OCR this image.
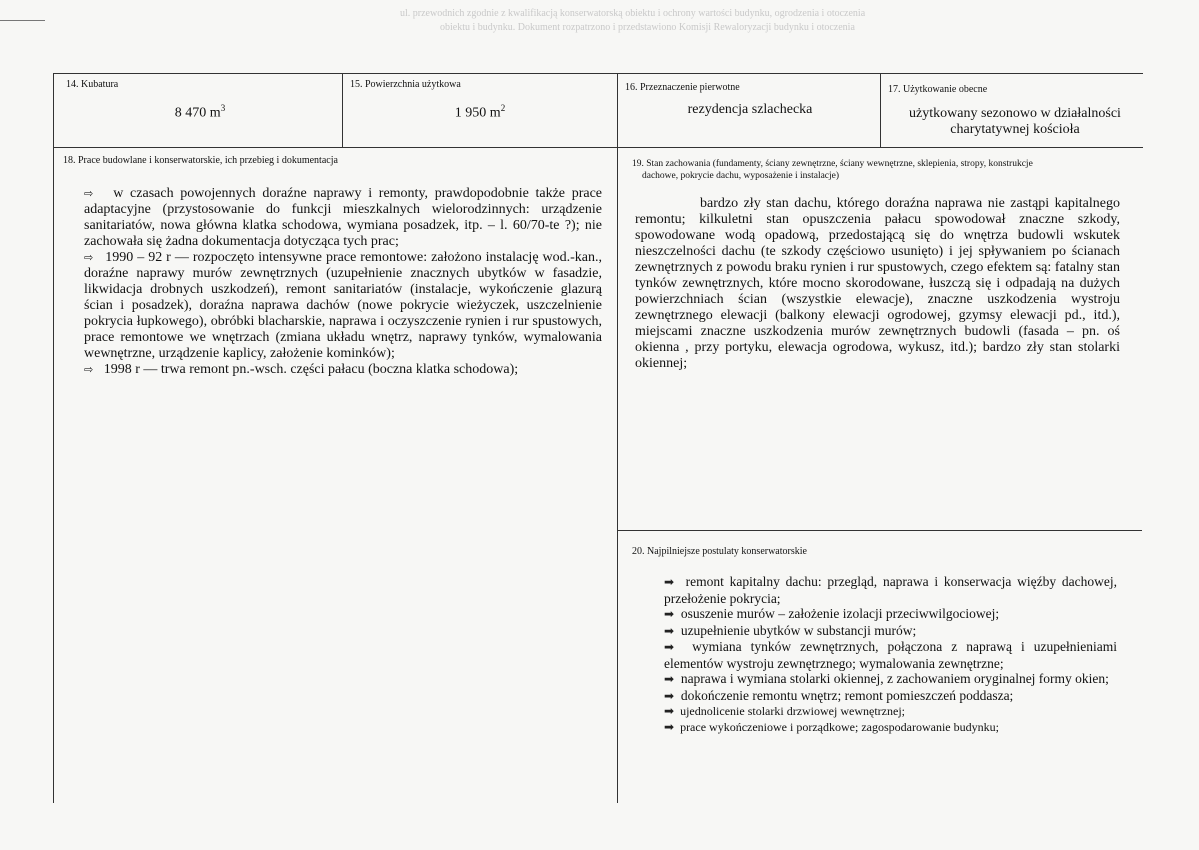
ul. przewodnich zgodnie z kwalifikacją konserwatorską obiektu i ochrony wartości budynku, ogrodzenia i otoczenia
obiektu i budynku. Dokument rozpatrzono i przedstawiono Komisji Rewaloryzacji budynku i otoczenia
14. Kubatura
8 470 $m^3$
15. Powierzchnia użytkowa
1 950 $m^2$
16. Przeznaczenie pierwotne
rezydencja szlachecka
17. Użytkowanie obecne
użytkowany sezonowo w działalności
charytatywnej kościoła
18. Prace budowlane i konserwatorskie, ich przebieg i dokumentacja
⇨ w czasach powojennych doraźne naprawy i remonty, prawdopodobnie także prace adaptacyjne (przystosowanie do funkcji mieszkalnych wielorodzinnych: urządzenie sanitariatów, nowa główna klatka schodowa, wymiana posadzek, itp. – l. 60/70-te ?); nie zachowała się żadna dokumentacja dotycząca tych prac;
⇨ 1990 – 92 r — rozpoczęto intensywne prace remontowe: założono instalację wod.-kan., doraźne naprawy murów zewnętrznych (uzupełnienie znacznych ubytków w fasadzie, likwidacja drobnych uszkodzeń), remont sanitariatów (instalacje, wykończenie glazurą ścian i posadzek), doraźna naprawa dachów (nowe pokrycie wieżyczek, uszczelnienie pokrycia łupkowego), obróbki blacharskie, naprawa i oczyszczenie rynien i rur spustowych, prace remontowe we wnętrzach (zmiana układu wnętrz, naprawy tynków, wymalowania wewnętrzne, urządzenie kaplicy, założenie kominków);
⇨ 1998 r — trwa remont pn.-wsch. części pałacu (boczna klatka schodowa);
19. Stan zachowania (fundamenty, ściany zewnętrzne, ściany wewnętrzne, sklepienia, stropy, konstrukcje
dachowe, pokrycie dachu, wyposażenie i instalacje)
bardzo zły stan dachu, którego doraźna naprawa nie zastąpi kapitalnego remontu; kilkuletni stan opuszczenia pałacu spowodował znaczne szkody, spowodowane wodą opadową, przedostającą się do wnętrza budowli wskutek nieszczelności dachu (te szkody częściowo usunięto) i jej spływaniem po ścianach zewnętrznych z powodu braku rynien i rur spustowych, czego efektem są: fatalny stan tynków zewnętrznych, które mocno skorodowane, łuszczą się i odpadają na dużych powierzchniach ścian (wszystkie elewacje), znaczne uszkodzenia wystroju zewnętrznego elewacji (balkony elewacji ogrodowej, gzymsy elewacji pd., itd.), miejscami znaczne uszkodzenia murów zewnętrznych budowli (fasada – pn. oś okienna , przy portyku, elewacja ogrodowa, wykusz, itd.); bardzo zły stan stolarki okiennej;
20. Najpilniejsze postulaty konserwatorskie
➡ remont kapitalny dachu: przegląd, naprawa i konserwacja więźby dachowej, przełożenie pokrycia;
➡ osuszenie murów – założenie izolacji przeciwwilgociowej;
➡ uzupełnienie ubytków w substancji murów;
➡ wymiana tynków zewnętrznych, połączona z naprawą i uzupełnieniami elementów wystroju zewnętrznego; wymalowania zewnętrzne;
➡ naprawa i wymiana stolarki okiennej, z zachowaniem oryginalnej formy okien;
➡ dokończenie remontu wnętrz; remont pomieszczeń poddasza;
➡ ujednolicenie stolarki drzwiowej wewnętrznej;
➡ prace wykończeniowe i porządkowe; zagospodarowanie budynku;
